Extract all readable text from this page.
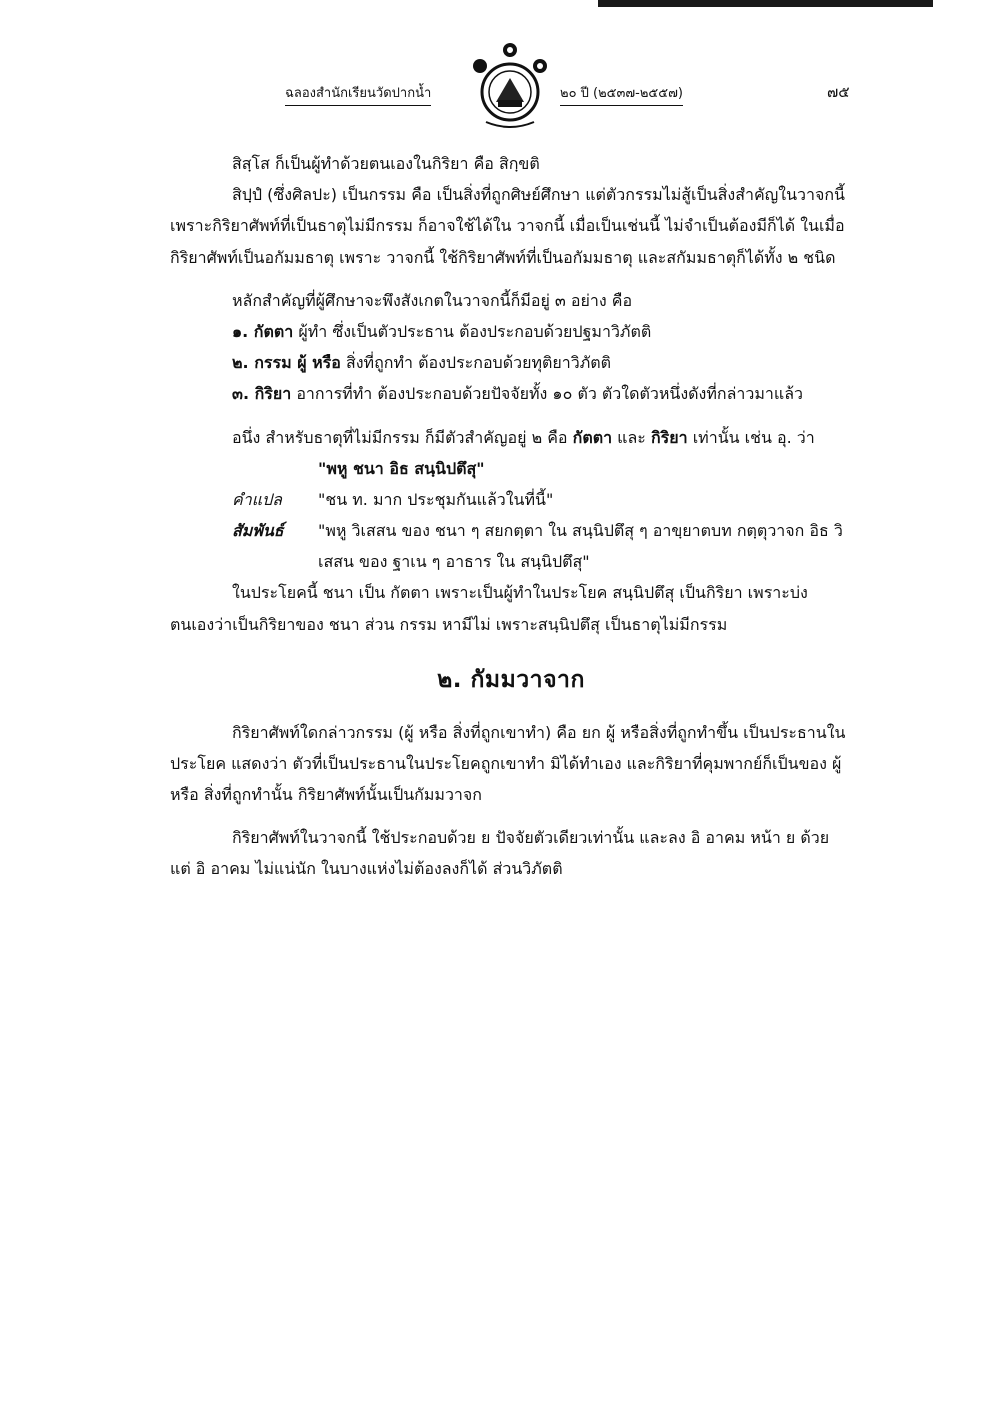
ฉลองสำนักเรียนวัดปากน้ำ	๒๐ ปี (๒๕๓๗-๒๕๕๗)	๗๕

สิสฺโส ก็เป็นผู้ทำด้วยตนเองในกิริยา คือ สิกฺขติ

สิปฺปํ (ซึ่งศิลปะ) เป็นกรรม คือ เป็นสิ่งที่ถูกศิษย์ศึกษา แต่ตัวกรรมไม่สู้เป็นสิ่งสำคัญในวาจกนี้ เพราะกิริยาศัพท์ที่เป็นธาตุไม่มีกรรม ก็อาจใช้ได้ใน วาจกนี้ เมื่อเป็นเช่นนี้ ไม่จำเป็นต้องมีก็ได้ ในเมื่อกิริยาศัพท์เป็นอกัมมธาตุ เพราะ วาจกนี้ ใช้กิริยาศัพท์ที่เป็นอกัมมธาตุ และสกัมมธาตุก็ได้ทั้ง ๒ ชนิด

หลักสำคัญที่ผู้ศึกษาจะพึงสังเกตในวาจกนี้ก็มีอยู่ ๓ อย่าง คือ

๑. กัตตา ผู้ทำ ซึ่งเป็นตัวประธาน ต้องประกอบด้วยปฐมาวิภัตติ

๒. กรรม ผู้ หรือ สิ่งที่ถูกทำ ต้องประกอบด้วยทุติยาวิภัตติ

๓. กิริยา อาการที่ทำ ต้องประกอบด้วยปัจจัยทั้ง ๑๐ ตัว ตัวใดตัวหนึ่งดังที่กล่าวมาแล้ว

อนึ่ง สำหรับธาตุที่ไม่มีกรรม ก็มีตัวสำคัญอยู่ ๒ คือ กัตตา และ กิริยา เท่านั้น เช่น อุ. ว่า

"พหู ชนา อิธ สนฺนิปตึสุ"

คำแปล	"ชน ท. มาก ประชุมกันแล้วในที่นี้"
สัมพันธ์	"พหู วิเสสน ของ ชนา ๆ สยกตฺตา ใน สนฺนิปตึสุ ๆ อาขฺยาตบท กตฺตุวาจก อิธ วิเสสน ของ ฐาเน ๆ อาธาร ใน สนฺนิปตึสุ"

ในประโยคนี้ ชนา เป็น กัตตา เพราะเป็นผู้ทำในประโยค สนฺนิปตึสุ เป็นกิริยา เพราะบ่งตนเองว่าเป็นกิริยาของ ชนา ส่วน กรรม หามีไม่ เพราะสนฺนิปตึสุ เป็นธาตุไม่มีกรรม

๒. กัมมวาจาก

กิริยาศัพท์ใดกล่าวกรรม (ผู้ หรือ สิ่งที่ถูกเขาทำ) คือ ยก ผู้ หรือสิ่งที่ถูกทำขึ้น เป็นประธานในประโยค แสดงว่า ตัวที่เป็นประธานในประโยคถูกเขาทำ มิได้ทำเอง และกิริยาที่คุมพากย์ก็เป็นของ ผู้ หรือ สิ่งที่ถูกทำนั้น กิริยาศัพท์นั้นเป็นกัมมวาจก

กิริยาศัพท์ในวาจกนี้ ใช้ประกอบด้วย ย ปัจจัยตัวเดียวเท่านั้น และลง อิ อาคม หน้า ย ด้วย แต่ อิ อาคม ไม่แน่นัก ในบางแห่งไม่ต้องลงก็ได้ ส่วนวิภัตติ
